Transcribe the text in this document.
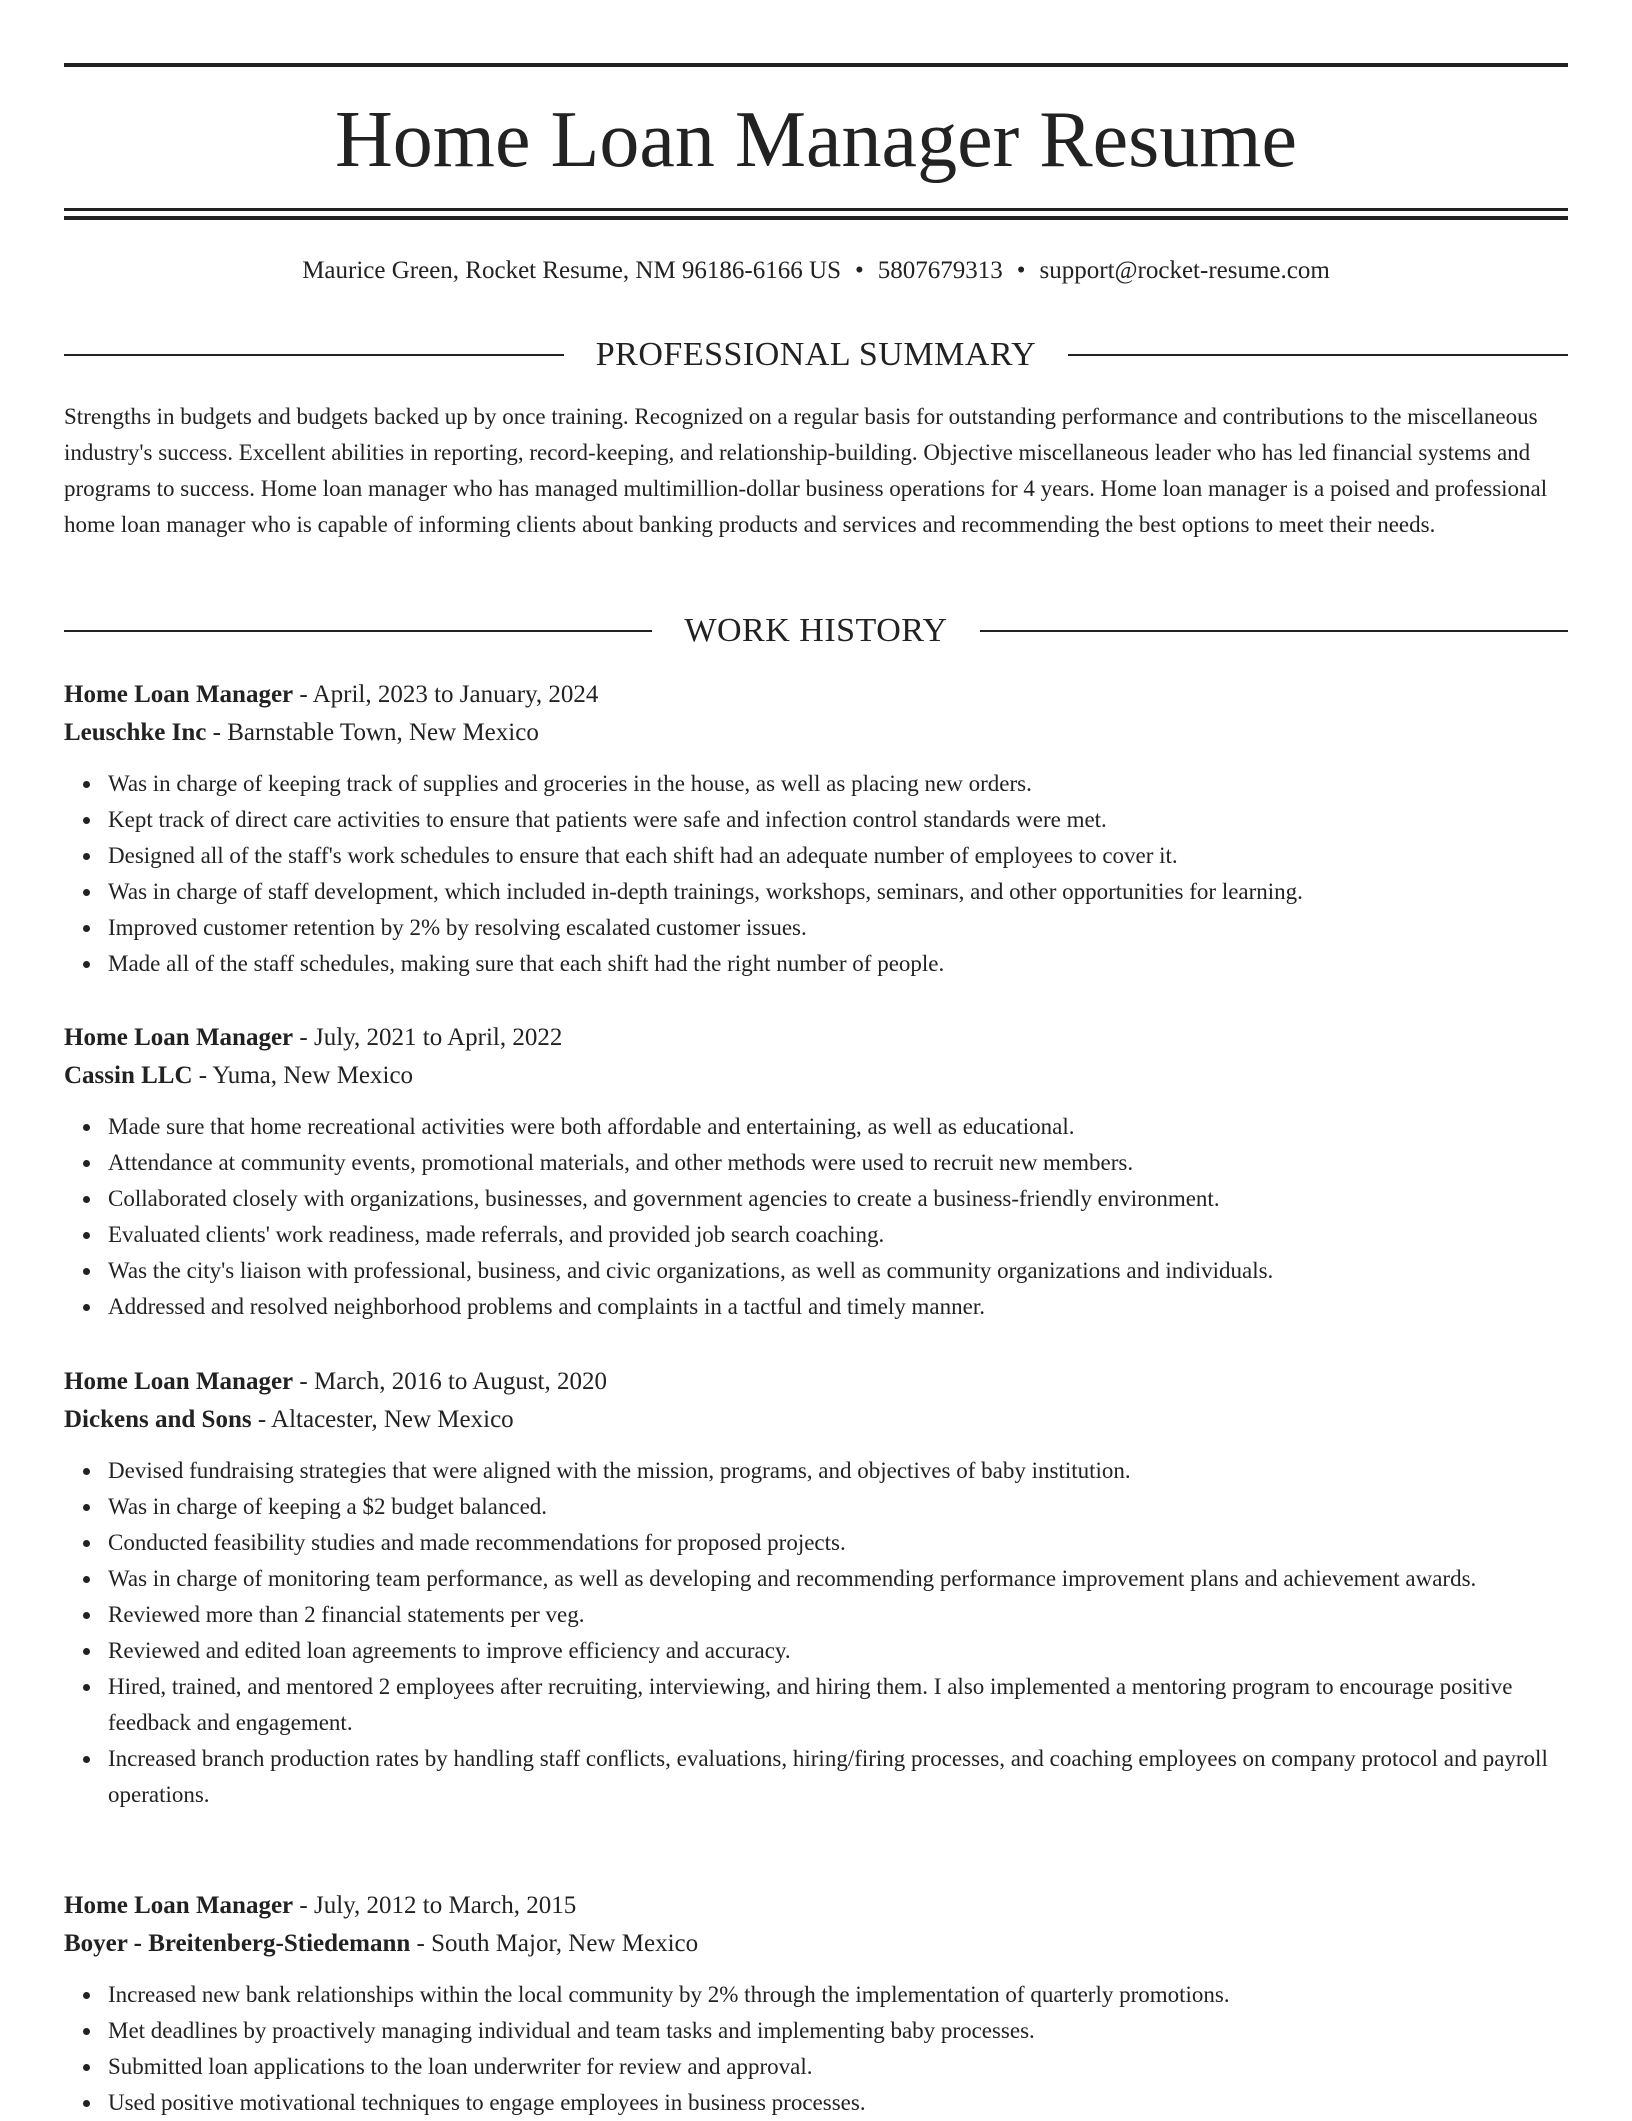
Home Loan Manager Resume
Maurice Green, Rocket Resume, NM 96186-6166 US • 5807679313 • support@rocket-resume.com
PROFESSIONAL SUMMARY

Strengths in budgets and budgets backed up by once training. Recognized on a regular basis for outstanding performance and contributions to the miscellaneous industry's success. Excellent abilities in reporting, record-keeping, and relationship-building. Objective miscellaneous leader who has led financial systems and programs to success. Home loan manager who has managed multimillion-dollar business operations for 4 years. Home loan manager is a poised and professional home loan manager who is capable of informing clients about banking products and services and recommending the best options to meet their needs.

WORK HISTORY

Home Loan Manager - April, 2023 to January, 2024

Leuschke Inc - Barnstable Town, New Mexico

Was in charge of keeping track of supplies and groceries in the house, as well as placing new orders.
Kept track of direct care activities to ensure that patients were safe and infection control standards were met.
Designed all of the staff's work schedules to ensure that each shift had an adequate number of employees to cover it.
Was in charge of staff development, which included in-depth trainings, workshops, seminars, and other opportunities for learning.
Improved customer retention by 2% by resolving escalated customer issues.
Made all of the staff schedules, making sure that each shift had the right number of people.

Home Loan Manager - July, 2021 to April, 2022

Cassin LLC - Yuma, New Mexico

Made sure that home recreational activities were both affordable and entertaining, as well as educational.
Attendance at community events, promotional materials, and other methods were used to recruit new members.
Collaborated closely with organizations, businesses, and government agencies to create a business-friendly environment.
Evaluated clients' work readiness, made referrals, and provided job search coaching.
Was the city's liaison with professional, business, and civic organizations, as well as community organizations and individuals.
Addressed and resolved neighborhood problems and complaints in a tactful and timely manner.

Home Loan Manager - March, 2016 to August, 2020

Dickens and Sons - Altacester, New Mexico

Devised fundraising strategies that were aligned with the mission, programs, and objectives of baby institution.
Was in charge of keeping a $2 budget balanced.
Conducted feasibility studies and made recommendations for proposed projects.
Was in charge of monitoring team performance, as well as developing and recommending performance improvement plans and achievement awards.
Reviewed more than 2 financial statements per veg.
Reviewed and edited loan agreements to improve efficiency and accuracy.
Hired, trained, and mentored 2 employees after recruiting, interviewing, and hiring them. I also implemented a mentoring program to encourage positive feedback and engagement.
Increased branch production rates by handling staff conflicts, evaluations, hiring/firing processes, and coaching employees on company protocol and payroll operations.

Home Loan Manager - July, 2012 to March, 2015

Boyer - Breitenberg-Stiedemann - South Major, New Mexico

Increased new bank relationships within the local community by 2% through the implementation of quarterly promotions.
Met deadlines by proactively managing individual and team tasks and implementing baby processes.
Submitted loan applications to the loan underwriter for review and approval.
Used positive motivational techniques to engage employees in business processes.
